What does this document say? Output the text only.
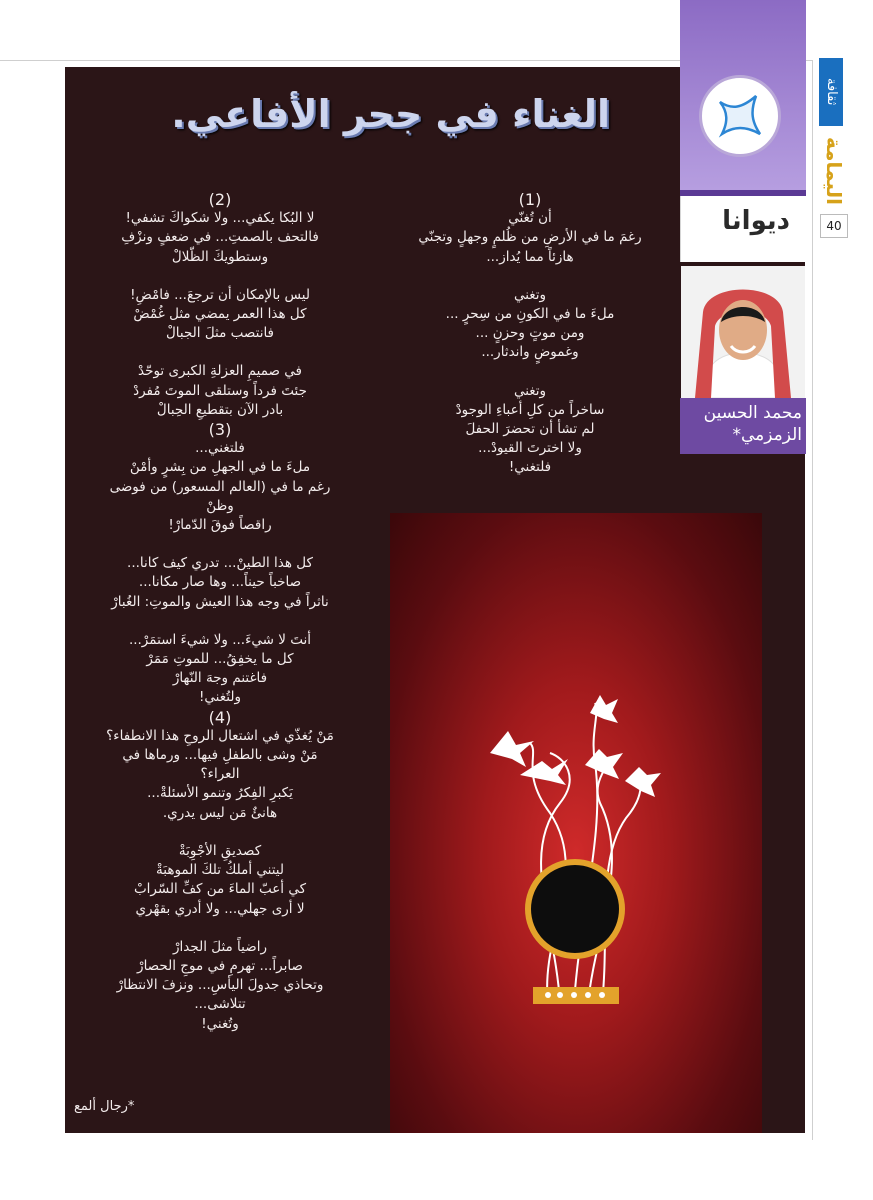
الغناء في جحر الأفاعي.
(1)
أن تُغنّي
رغمَ ما في الأرضِ من ظُلمٍ وجهلٍ وتجنّي
هازئاً مما يُداز...
وتغني
ملءَ ما في الكونِ من سِحرٍ ...
ومن موتٍ وحزنٍ ...
وغموضٍ واندثار...
وتغني
ساخراً من كلِ أعباءِ الوجودْ
لم تشأ أن تحضرَ الحفلَ
ولا اخترتَ القيودْ...
فلتغني!
(2)
لا البُكا يكفي... ولا شكواكَ تشفي!
فالتحف بالصمتِ... في ضعفٍ ونزْفِ
وستطويكَ الظّلالْ
ليس بالإمكان أن ترجعَ... فامْضِ!
كل هذا العمر يمضي مثل غُمْضْ
فانتصب مثلَ الجبالْ
في صميمِ العزلةِ الكبرى توحّدْ
جئتَ فرداً وستلقى الموتَ مُفردْ
بادر الآن بتقطيعِ الحِبالْ
(3)
فلتغني...
ملءَ ما في الجهلِ من بِشرٍ وأمْنْ
رغم ما في (العالم المسعور) من فوضى
وظنْ
راقصاً فوقَ الدّمارْ!
كل هذا الطينْ... تدري كيف كانا...
صاخباً حيناً... وها صار مكانا...
ناثراً في وجه هذا العيش والموتِ: الغُبارْ
أنتَ لا شيءَ... ولا شيءَ استمَرْ...
كل ما يخفِقُ... للموتِ مَمَرْ
فاغتنم وجهَ النّهارْ
ولتُغني!
(4)
مَنْ يُغذّي في اشتعال الروحِ هذا الانطفاء؟
مَنْ وشى بالطفلِ فيها... ورماها في
العراء؟
يَكبرِ الفِكرُ وتنمو الأسئلةْ...
هانئٌ مَن ليس يدري.
كصديقِ الأجْوِبَةْ
ليتني أملكُ تلكَ الموهبَةْ
كي أعبّ الماءَ من كفِّ السّرابْ
لا أرى جهلي... ولا أدري بقهْري
راضياً مثلَ الجدارْ
صابراً... تهرمِ في موجِ الحصارْ
وتحاذي جدولَ اليأسِ... ونزفَ الانتظارْ
تتلاشى...
وتُغني!
*رجال ألمع
ديوانا
محمد الحسين
الزمزمي*
ثقافة
اليمامة
40
